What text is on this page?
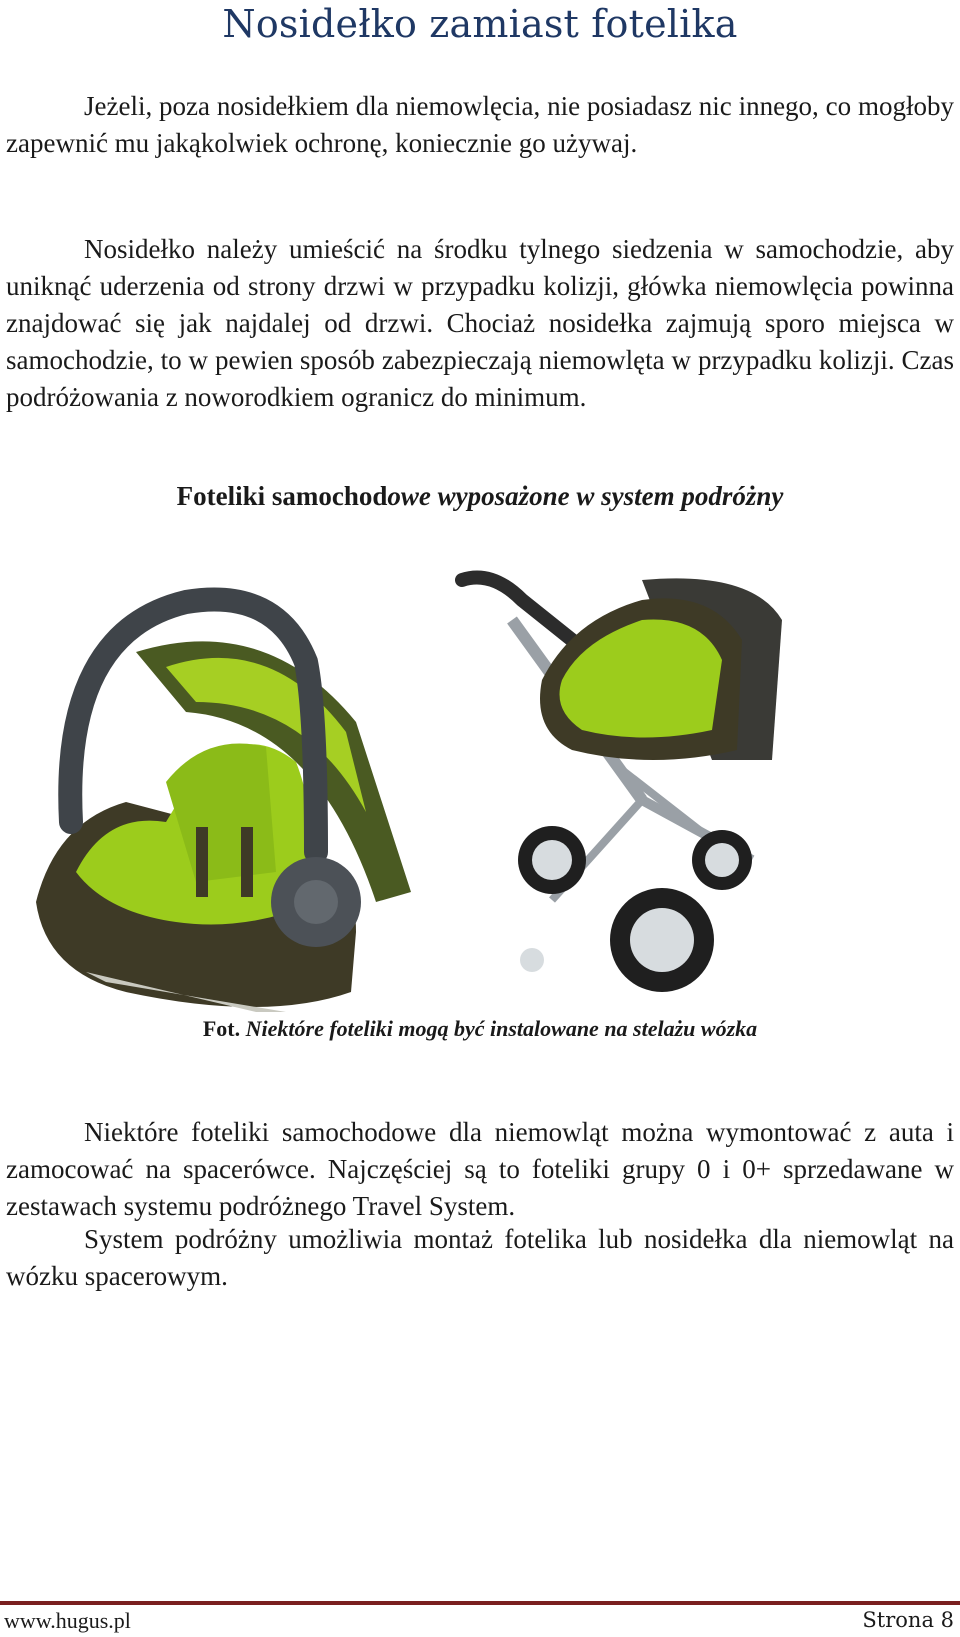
Nosidełko zamiast fotelika

Jeżeli, poza nosidełkiem dla niemowlęcia, nie posiadasz nic innego, co mogłoby zapewnić mu jakąkolwiek ochronę, koniecznie go używaj.

Nosidełko należy umieścić na środku tylnego siedzenia w samochodzie, aby uniknąć uderzenia od strony drzwi w przypadku kolizji, główka niemowlęcia powinna znajdować się jak najdalej od drzwi. Chociaż nosidełka zajmują sporo miejsca w samochodzie, to w pewien sposób zabezpieczają niemowlęta w przypadku kolizji. Czas podróżowania z noworodkiem ogranicz do minimum.

Foteliki samochodowe wyposażone w system podróżny
Fot. Niektóre foteliki mogą być instalowane na stelażu wózka

Niektóre foteliki samochodowe dla niemowląt można wymontować z auta i zamocować na spacerówce. Najczęściej są to foteliki grupy 0 i 0+ sprzedawane w zestawach systemu podróżnego Travel System.

System podróżny umożliwia montaż fotelika lub nosidełka dla niemowląt na wózku spacerowym.

www.hugus.pl	Strona 8
